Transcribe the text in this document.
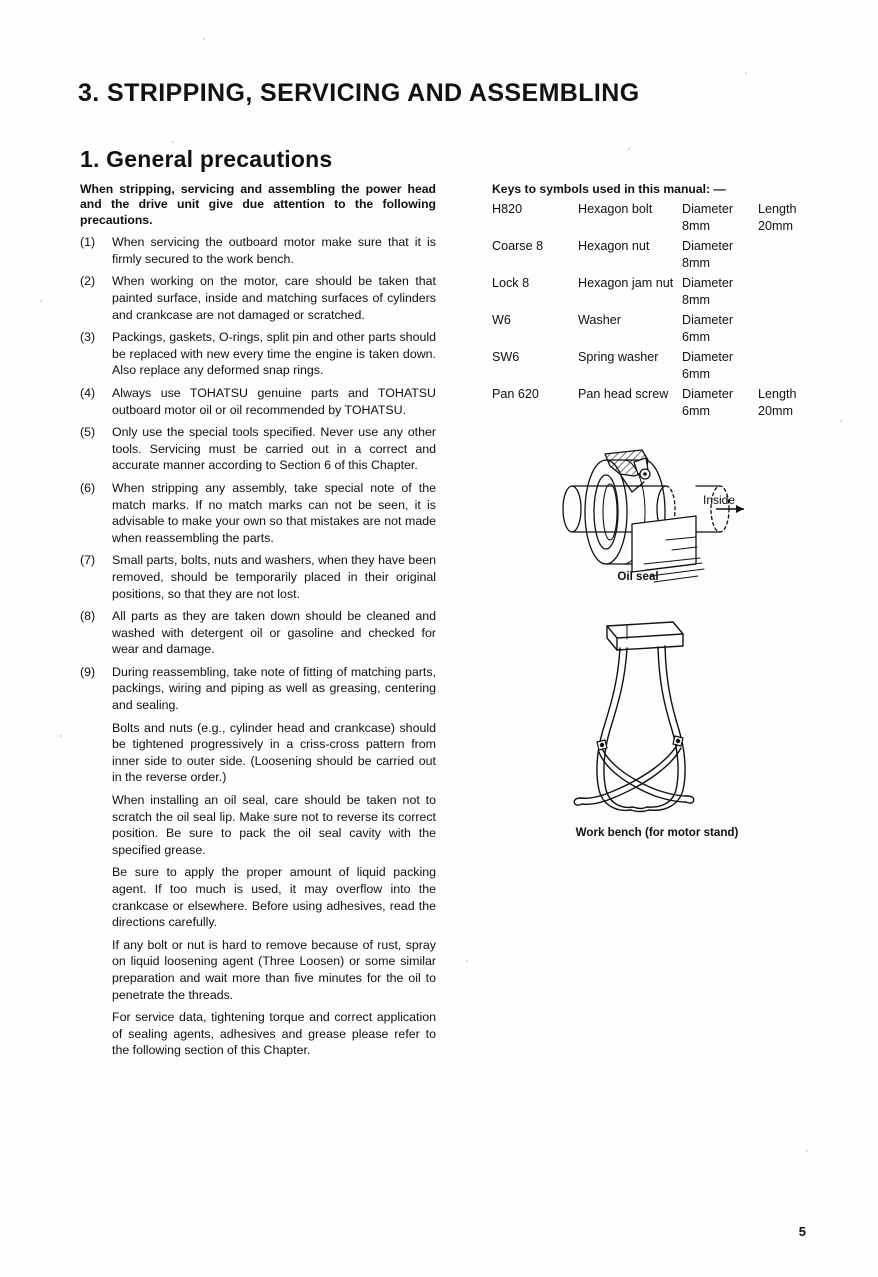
3. STRIPPING, SERVICING AND ASSEMBLING
1. General precautions

When stripping, servicing and assembling the power head and the drive unit give due attention to the following precautions.

(1)	When servicing the outboard motor make sure that it is firmly secured to the work bench.
(2)	When working on the motor, care should be taken that painted surface, inside and matching surfaces of cylinders and crankcase are not damaged or scratched.
(3)	Packings, gaskets, O-rings, split pin and other parts should be replaced with new every time the engine is taken down. Also replace any deformed snap rings.
(4)	Always use TOHATSU genuine parts and TOHATSU outboard motor oil or oil recommended by TOHATSU.
(5)	Only use the special tools specified. Never use any other tools. Servicing must be carried out in a correct and accurate manner according to Section 6 of this Chapter.
(6)	When stripping any assembly, take special note of the match marks. If no match marks can not be seen, it is advisable to make your own so that mistakes are not made when reassembling the parts.
(7)	Small parts, bolts, nuts and washers, when they have been removed, should be temporarily placed in their original positions, so that they are not lost.
(8)	All parts as they are taken down should be cleaned and washed with detergent oil or gasoline and checked for wear and damage.
(9)	During reassembling, take note of fitting of matching parts, packings, wiring and piping as well as greasing, centering and sealing.

Bolts and nuts (e.g., cylinder head and crankcase) should be tightened progressively in a criss-cross pattern from inner side to outer side. (Loosening should be carried out in the reverse order.)

When installing an oil seal, care should be taken not to scratch the oil seal lip. Make sure not to reverse its correct position. Be sure to pack the oil seal cavity with the specified grease.

Be sure to apply the proper amount of liquid packing agent. If too much is used, it may overflow into the crankcase or elsewhere. Before using adhesives, read the directions carefully.

If any bolt or nut is hard to remove because of rust, spray on liquid loosening agent (Three Loosen) or some similar preparation and wait more than five minutes for the oil to penetrate the threads.

For service data, tightening torque and correct application of sealing agents, adhesives and grease please refer to the following section of this Chapter.

Keys to symbols used in this manual: —
H820	Hexagon bolt	Diameter 8mm	Length 20mm
Coarse 8	Hexagon nut	Diameter 8mm	
Lock 8	Hexagon jam nut	Diameter 8mm	
W6	Washer	Diameter 6mm	
SW6	Spring washer	Diameter 6mm	
Pan 620	Pan head screw	Diameter 6mm	Length 20mm
Inside
Oil seal
Work bench (for motor stand)
5
